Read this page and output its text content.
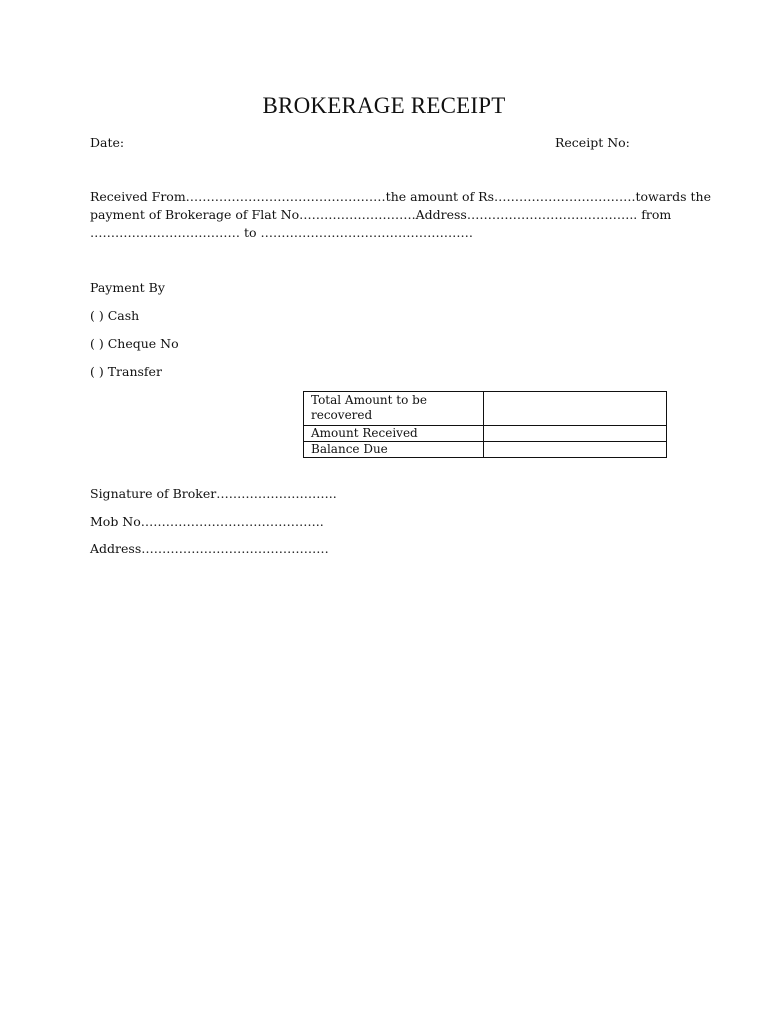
BROKERAGE RECEIPT
Date:	Receipt No:
Received From…………………………………………the amount of Rs…………………………….towards the
payment of Brokerage of Flat No……………………….Address………………………………….. from
……………………………… to ……………………………………………
Payment By
( ) Cash
( ) Cheque No
( ) Transfer
Total Amount to be recovered	
Amount Received	
Balance Due	
Signature of Broker………………………..
Mob No……………………………………..
Address………………………………………
